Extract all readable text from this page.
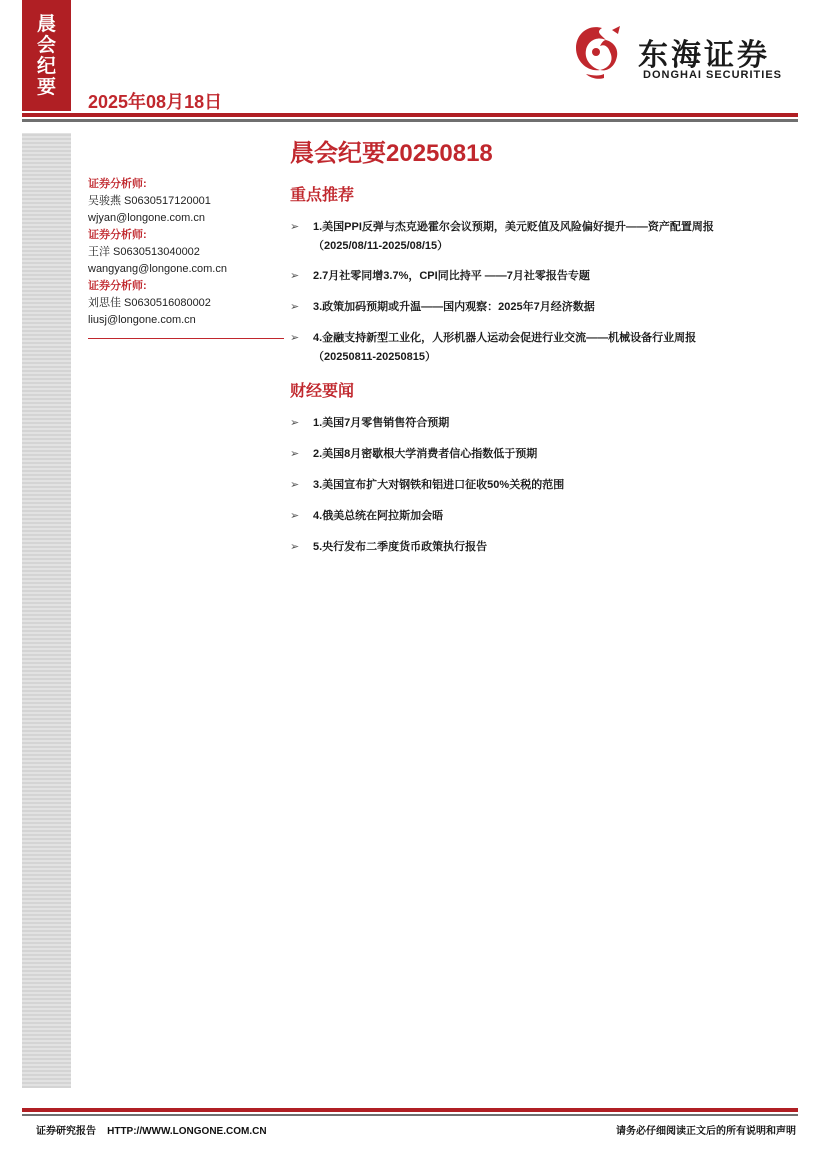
晨
会
纪
要
2025年08月18日
东海证券
DONGHAI SECURITIES
证券分析师:
吴骏燕 S0630517120001
wjyan@longone.com.cn
证券分析师:
王洋 S0630513040002
wangyang@longone.com.cn
证券分析师:
刘思佳 S0630516080002
liusj@longone.com.cn
晨会纪要20250818
重点推荐
➢ 1.美国PPI反弹与杰克逊霍尔会议预期，美元贬值及风险偏好提升——资产配置周报
（2025/08/11-2025/08/15）
➢ 2.7月社零同增3.7%，CPI同比持平 ——7月社零报告专题
➢ 3.政策加码预期或升温——国内观察：2025年7月经济数据
➢ 4.金融支持新型工业化，人形机器人运动会促进行业交流——机械设备行业周报
（20250811-20250815）
财经要闻
➢ 1.美国7月零售销售符合预期
➢ 2.美国8月密歇根大学消费者信心指数低于预期
➢ 3.美国宣布扩大对钢铁和铝进口征收50%关税的范围
➢ 4.俄美总统在阿拉斯加会晤
➢ 5.央行发布二季度货币政策执行报告
证券研究报告    HTTP://WWW.LONGONE.COM.CN	请务必仔细阅读正文后的所有说明和声明
